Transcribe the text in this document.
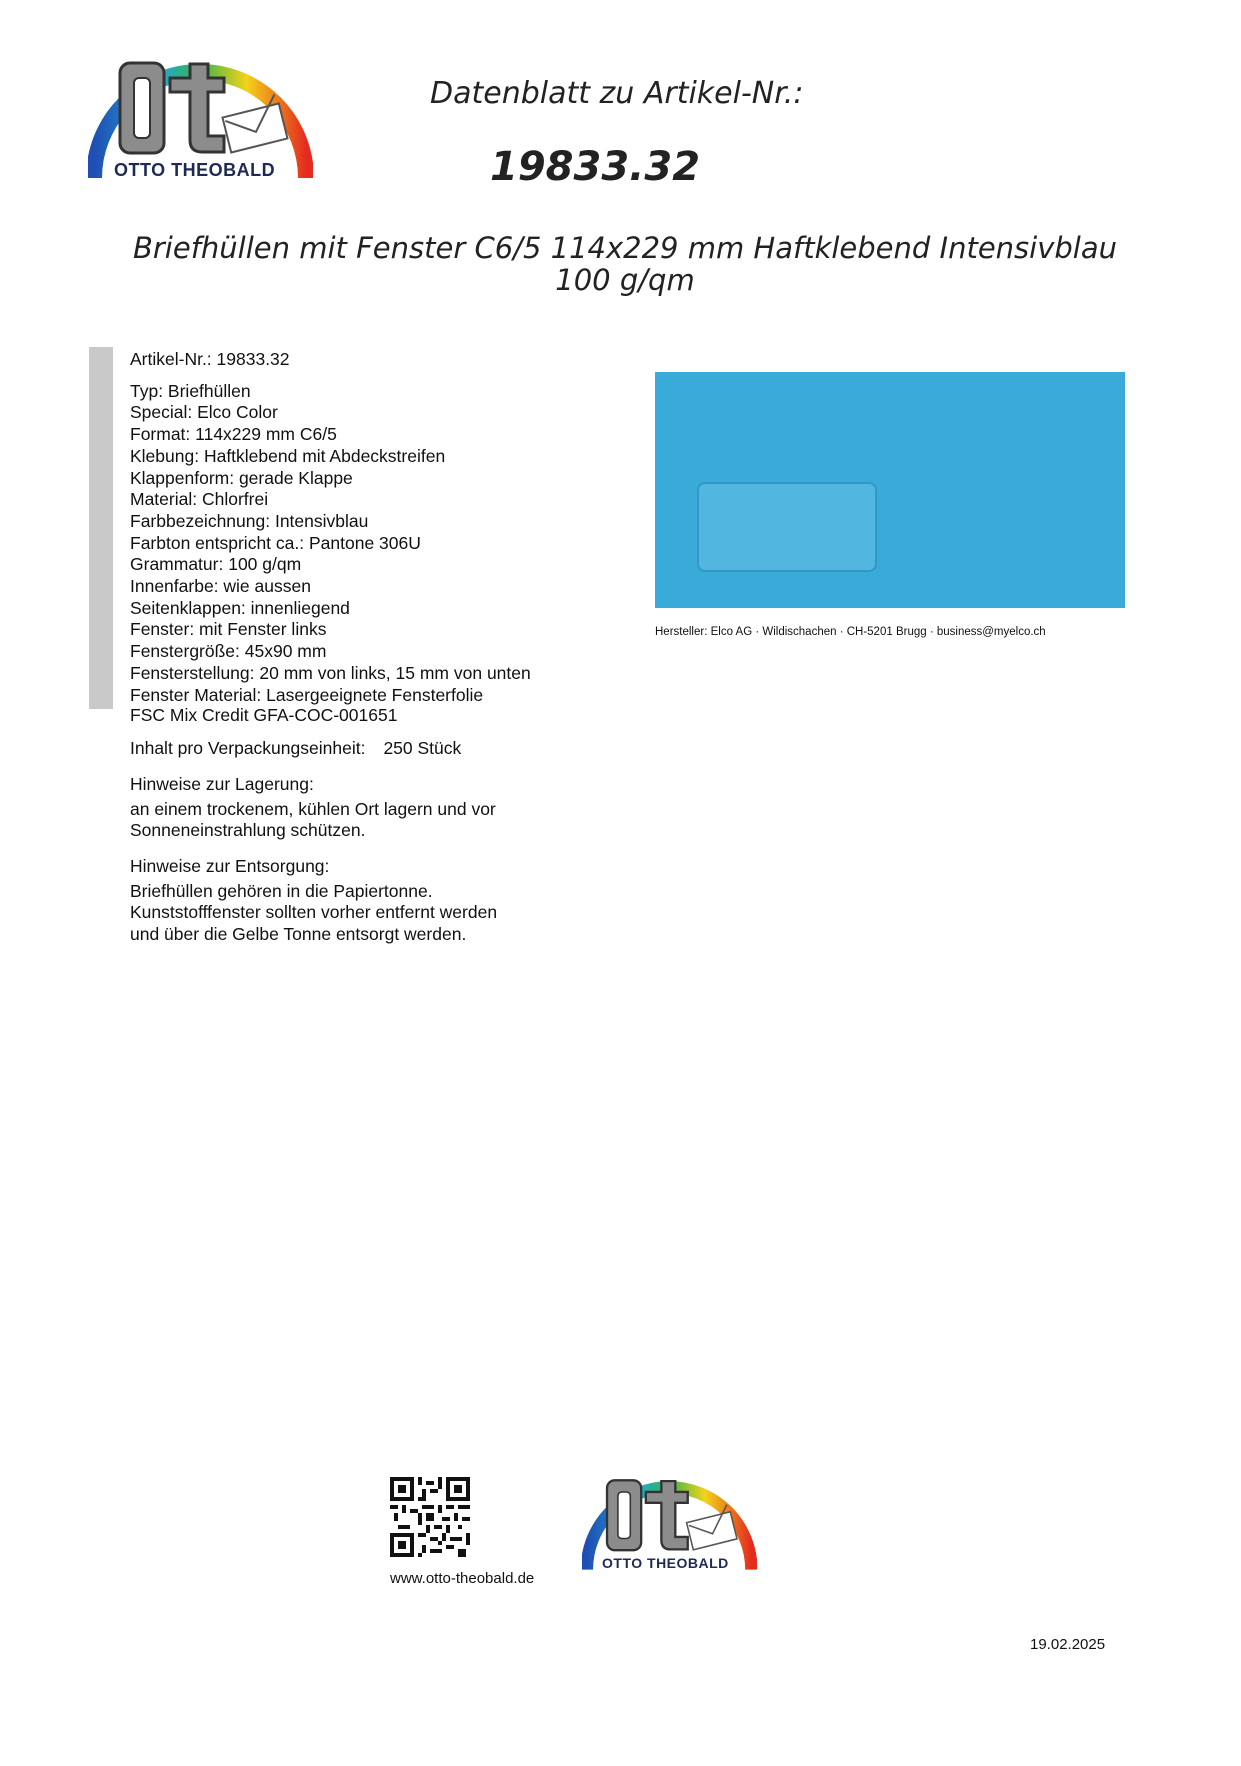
OTTO THEOBALD
Datenblatt zu Artikel-Nr.:
19833.32
Briefhüllen mit Fenster C6/5 114x229 mm Haftklebend Intensivblau
100 g/qm
Artikel-Nr.: 19833.32
Typ: Briefhüllen
Special: Elco Color
Format: 114x229 mm C6/5
Klebung: Haftklebend mit Abdeckstreifen
Klappenform: gerade Klappe
Material: Chlorfrei
Farbbezeichnung: Intensivblau
Farbton entspricht ca.: Pantone 306U
Grammatur: 100 g/qm
Innenfarbe: wie aussen
Seitenklappen: innenliegend
Fenster: mit Fenster links
Fenstergröße: 45x90 mm
Fensterstellung: 20 mm von links, 15 mm von unten
Fenster Material: Lasergeeignete Fensterfolie
FSC Mix Credit GFA-COC-001651
Inhalt pro Verpackungseinheit: 250 Stück
Hinweise zur Lagerung:
an einem trockenem, kühlen Ort lagern und vor
Sonneneinstrahlung schützen.
Hinweise zur Entsorgung:
Briefhüllen gehören in die Papiertonne.
Kunststofffenster sollten vorher entfernt werden
und über die Gelbe Tonne entsorgt werden.
Hersteller: Elco AG · Wildischachen · CH-5201 Brugg · business@myelco.ch
www.otto-theobald.de
OTTO THEOBALD
19.02.2025
